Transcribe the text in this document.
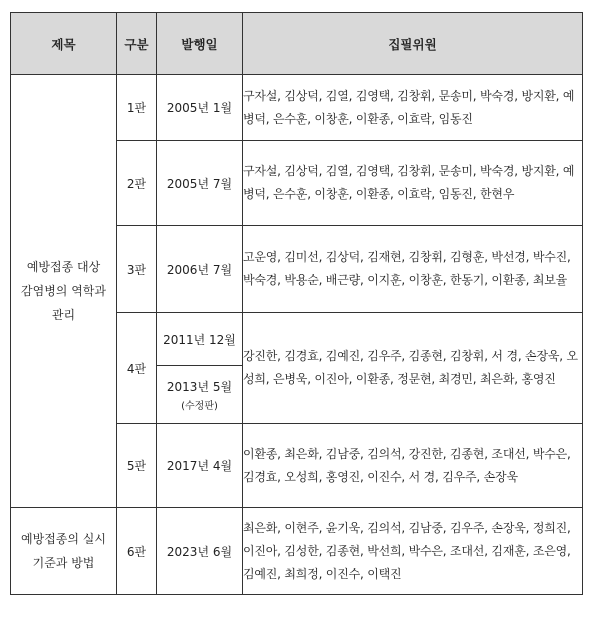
제목	구분	발행일	집필위원

예방접종 대상
감염병의 역학과
관리	1판	2005년 1월	구자설, 김상덕, 김열, 김영택, 김창휘, 문송미, 박숙경, 방지환, 예병덕, 은수훈, 이창훈, 이환종, 이효락, 임동진
	2판	2005년 7월	구자설, 김상덕, 김열, 김영택, 김창휘, 문송미, 박숙경, 방지환, 예병덕, 은수훈, 이창훈, 이환종, 이효락, 임동진, 한현우
	3판	2006년 7월	고운영, 김미선, 김상덕, 김재현, 김창휘, 김형훈, 박선경, 박수진, 박숙경, 박용순, 배근량, 이지훈, 이창훈, 한동기, 이환종, 최보율
	4판	2011년 12월	강진한, 김경효, 김예진, 김우주, 김종현, 김창휘, 서 경, 손장욱, 오성희, 은병욱, 이진아, 이환종, 정문현, 최경민, 최은화, 홍영진
		2013년 5월
(수정판)	

	5판	2017년 4월	이환종, 최은화, 김남중, 김의석, 강진한, 김종현, 조대선, 박수은, 김경효, 오성희, 홍영진, 이진수, 서 경, 김우주, 손장욱

예방접종의 실시
기준과 방법	6판	2023년 6월	최은화, 이현주, 윤기욱, 김의석, 김남중, 김우주, 손장욱, 정희진, 이진아, 김성한, 김종현, 박선희, 박수은, 조대선, 김재훈, 조은영, 김예진, 최희정, 이진수, 이택진
